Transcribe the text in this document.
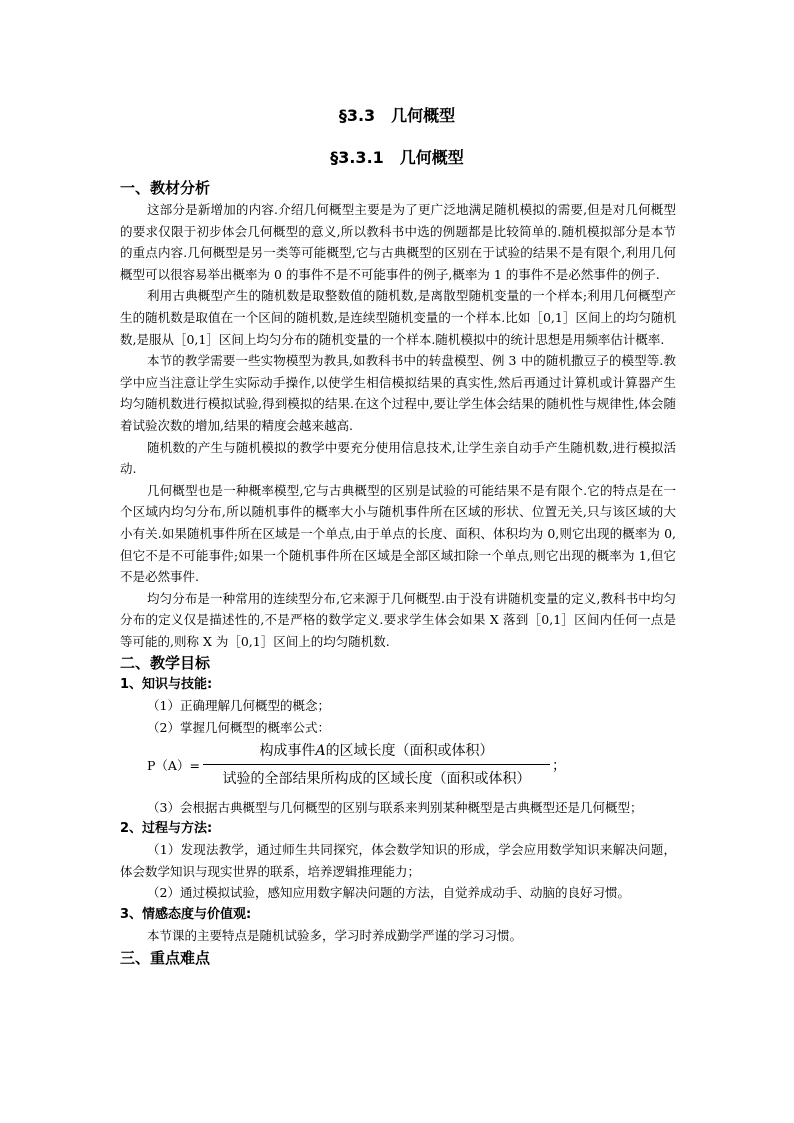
§3.3　几何概型
§3.3.1　几何概型
一、教材分析

这部分是新增加的内容.介绍几何概型主要是为了更广泛地满足随机模拟的需要,但是对几何概型的要求仅限于初步体会几何概型的意义,所以教科书中选的例题都是比较简单的.随机模拟部分是本节的重点内容.几何概型是另一类等可能概型,它与古典概型的区别在于试验的结果不是有限个,利用几何概型可以很容易举出概率为 0 的事件不是不可能事件的例子,概率为 1 的事件不是必然事件的例子.

利用古典概型产生的随机数是取整数值的随机数,是离散型随机变量的一个样本;利用几何概型产生的随机数是取值在一个区间的随机数,是连续型随机变量的一个样本.比如［0,1］区间上的均匀随机数,是服从［0,1］区间上均匀分布的随机变量的一个样本.随机模拟中的统计思想是用频率估计概率.

本节的教学需要一些实物模型为教具,如教科书中的转盘模型、例 3 中的随机撒豆子的模型等.教学中应当注意让学生实际动手操作,以使学生相信模拟结果的真实性,然后再通过计算机或计算器产生均匀随机数进行模拟试验,得到模拟的结果.在这个过程中,要让学生体会结果的随机性与规律性,体会随着试验次数的增加,结果的精度会越来越高.

随机数的产生与随机模拟的教学中要充分使用信息技术,让学生亲自动手产生随机数,进行模拟活动.

几何概型也是一种概率模型,它与古典概型的区别是试验的可能结果不是有限个.它的特点是在一个区域内均匀分布,所以随机事件的概率大小与随机事件所在区域的形状、位置无关,只与该区域的大小有关.如果随机事件所在区域是一个单点,由于单点的长度、面积、体积均为 0,则它出现的概率为 0,但它不是不可能事件;如果一个随机事件所在区域是全部区域扣除一个单点,则它出现的概率为 1,但它不是必然事件.

均匀分布是一种常用的连续型分布,它来源于几何概型.由于没有讲随机变量的定义,教科书中均匀分布的定义仅是描述性的,不是严格的数学定义.要求学生体会如果 X 落到［0,1］区间内任何一点是等可能的,则称 X 为［0,1］区间上的均匀随机数.

二、教学目标
1、知识与技能:

（1）正确理解几何概型的概念；

（2）掌握几何概型的概率公式：

P（A）=
构成事件A的区域长度（面积或体积）
试验的全部结果所构成的区域长度（面积或体积）
；

（3）会根据古典概型与几何概型的区别与联系来判别某种概型是古典概型还是几何概型；

2、过程与方法:

（1）发现法教学，通过师生共同探究，体会数学知识的形成，学会应用数学知识来解决问题，体会数学知识与现实世界的联系，培养逻辑推理能力；

（2）通过模拟试验，感知应用数字解决问题的方法，自觉养成动手、动脑的良好习惯。

3、情感态度与价值观:

本节课的主要特点是随机试验多，学习时养成勤学严谨的学习习惯。

三、重点难点
